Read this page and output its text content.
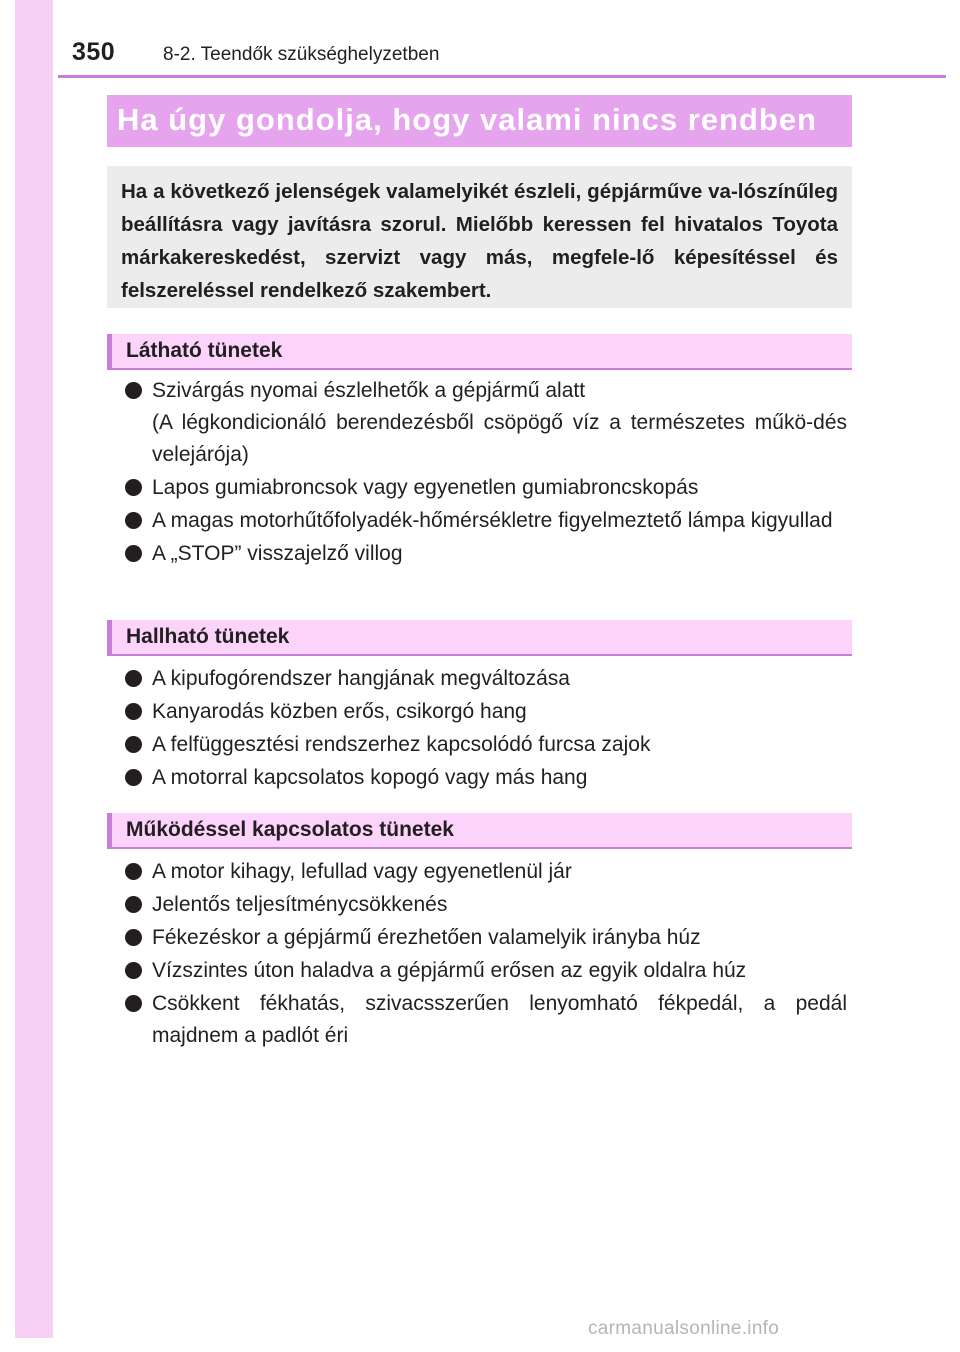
350	8-2. Teendők szükséghelyzetben
Ha úgy gondolja, hogy valami nincs rendben

Ha a következő jelenségek valamelyikét észleli, gépjárműve va-lószínűleg beállításra vagy javításra szorul. Mielőbb keressen fel hivatalos Toyota márkakereskedést, szervizt vagy más, megfele-lő képesítéssel és felszereléssel rendelkező szakembert.

Látható tünetek
Szivárgás nyomai észlelhetők a gépjármű alatt
(A légkondicionáló berendezésből csöpögő víz a természetes műkö-dés velejárója)
Lapos gumiabroncsok vagy egyenetlen gumiabroncskopás
A magas motorhűtőfolyadék-hőmérsékletre figyelmeztető lámpa kigyullad
A „STOP” visszajelző villog
Hallható tünetek
A kipufogórendszer hangjának megváltozása
Kanyarodás közben erős, csikorgó hang
A felfüggesztési rendszerhez kapcsolódó furcsa zajok
A motorral kapcsolatos kopogó vagy más hang
Működéssel kapcsolatos tünetek
A motor kihagy, lefullad vagy egyenetlenül jár
Jelentős teljesítménycsökkenés
Fékezéskor a gépjármű érezhetően valamelyik irányba húz
Vízszintes úton haladva a gépjármű erősen az egyik oldalra húz
Csökkent fékhatás, szivacsszerűen lenyomható fékpedál, a pedál majdnem a padlót éri
carmanualsonline.info
